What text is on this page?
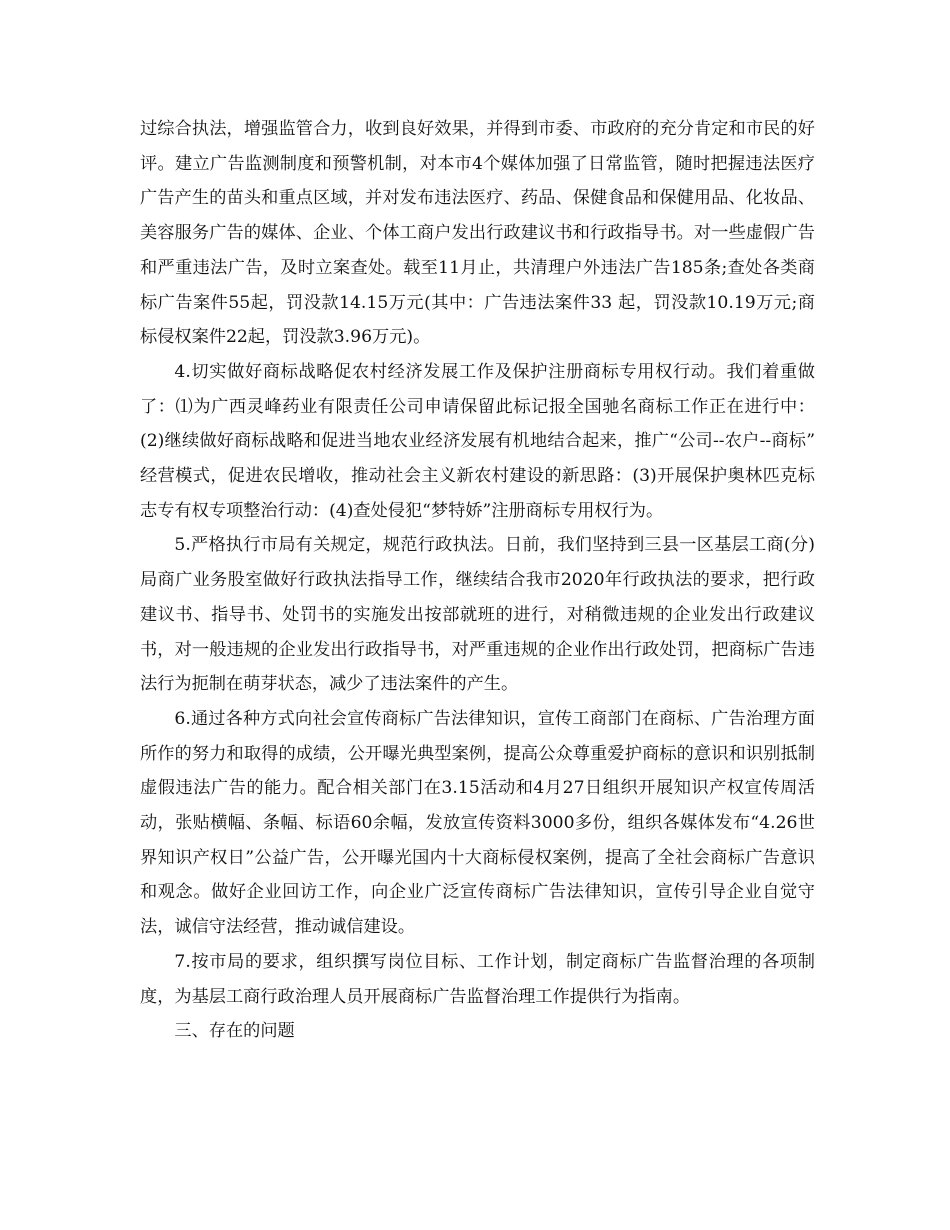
过综合执法，增强监管合力，收到良好效果，并得到市委、市政府的充分肯定和市民的好评。建立广告监测制度和预警机制，对本市4个媒体加强了日常监管，随时把握违法医疗广告产生的苗头和重点区域，并对发布违法医疗、药品、保健食品和保健用品、化妆品、美容服务广告的媒体、企业、个体工商户发出行政建议书和行政指导书。对一些虚假广告和严重违法广告，及时立案查处。载至11月止，共清理户外违法广告185条;查处各类商标广告案件55起，罚没款14.15万元(其中：广告违法案件33 起，罚没款10.19万元;商标侵权案件22起，罚没款3.96万元)。

4.切实做好商标战略促农村经济发展工作及保护注册商标专用权行动。我们着重做了：⑴为广西灵峰药业有限责任公司申请保留此标记报全国驰名商标工作正在进行中：(2)继续做好商标战略和促进当地农业经济发展有机地结合起来，推广“公司--农户--商标” 经营模式，促进农民增收，推动社会主义新农村建设的新思路：(3)开展保护奥林匹克标志专有权专项整治行动：(4)查处侵犯“梦特娇”注册商标专用权行为。

5.严格执行市局有关规定，规范行政执法。日前，我们坚持到三县一区基层工商(分)局商广业务股室做好行政执法指导工作，继续结合我市2020年行政执法的要求，把行政建议书、指导书、处罚书的实施发出按部就班的进行，对稍微违规的企业发出行政建议书，对一般违规的企业发出行政指导书，对严重违规的企业作出行政处罚，把商标广告违法行为扼制在萌芽状态，减少了违法案件的产生。

6.通过各种方式向社会宣传商标广告法律知识，宣传工商部门在商标、广告治理方面所作的努力和取得的成绩，公开曝光典型案例，提高公众尊重爱护商标的意识和识别抵制虚假违法广告的能力。配合相关部门在3.15活动和4月27日组织开展知识产权宣传周活动，张贴横幅、条幅、标语60余幅，发放宣传资料3000多份，组织各媒体发布“4.26世界知识产权日”公益广告，公开曝光国内十大商标侵权案例，提高了全社会商标广告意识和观念。做好企业回访工作，向企业广泛宣传商标广告法律知识，宣传引导企业自觉守法，诚信守法经营，推动诚信建设。

7.按市局的要求，组织撰写岗位目标、工作计划，制定商标广告监督治理的各项制度，为基层工商行政治理人员开展商标广告监督治理工作提供行为指南。

三、存在的问题
